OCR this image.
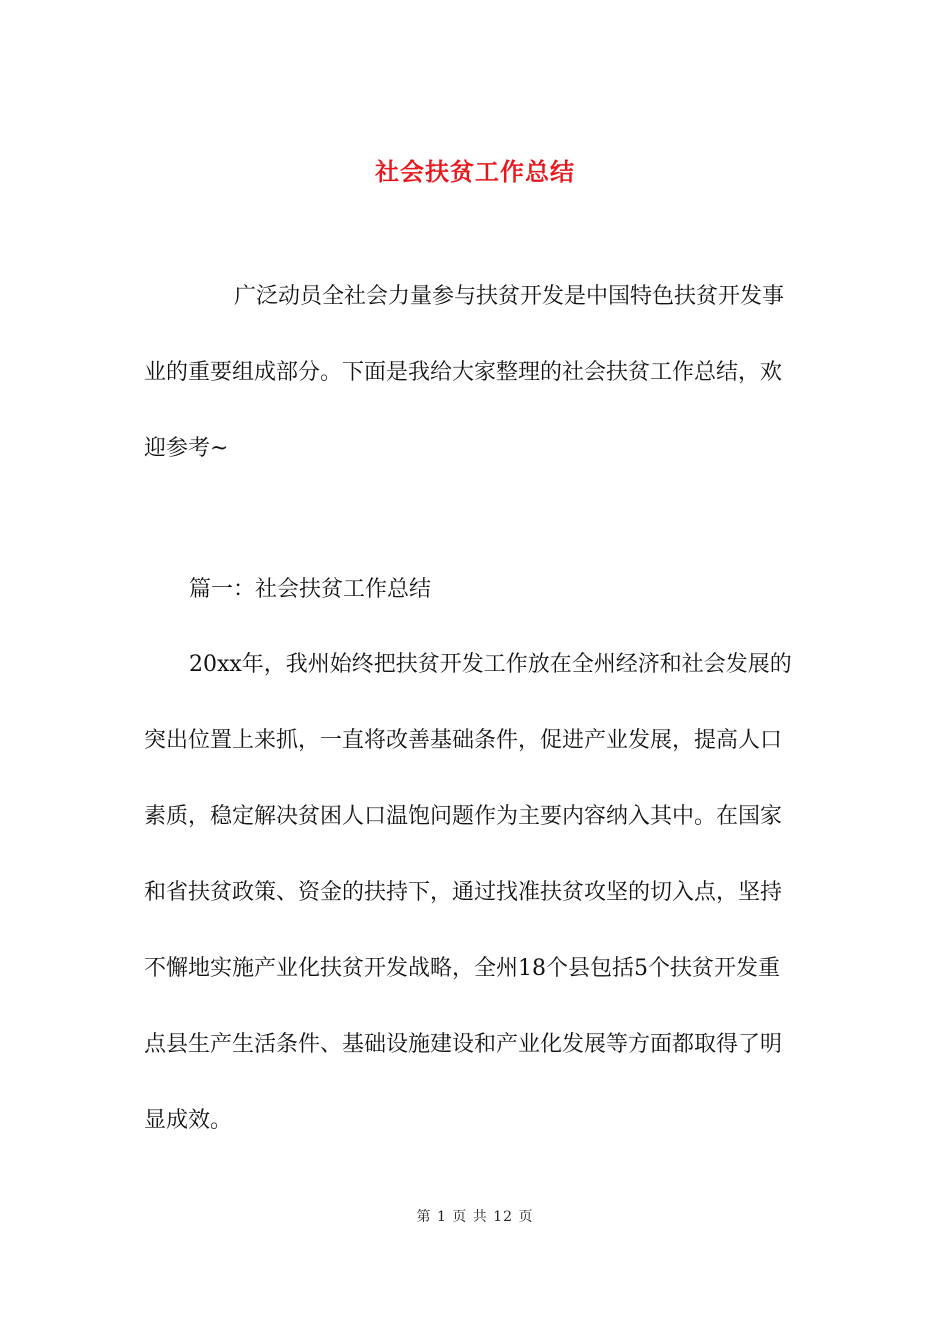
社会扶贫工作总结

广泛动员全社会力量参与扶贫开发是中国特色扶贫开发事
业的重要组成部分。下面是我给大家整理的社会扶贫工作总结，欢
迎参考~

篇一：社会扶贫工作总结

20xx年，我州始终把扶贫开发工作放在全州经济和社会发展的
突出位置上来抓，一直将改善基础条件，促进产业发展，提高人口
素质，稳定解决贫困人口温饱问题作为主要内容纳入其中。在国家
和省扶贫政策、资金的扶持下，通过找准扶贫攻坚的切入点，坚持
不懈地实施产业化扶贫开发战略，全州18个县包括5个扶贫开发重
点县生产生活条件、基础设施建设和产业化发展等方面都取得了明
显成效。

第 1 页 共 12 页
